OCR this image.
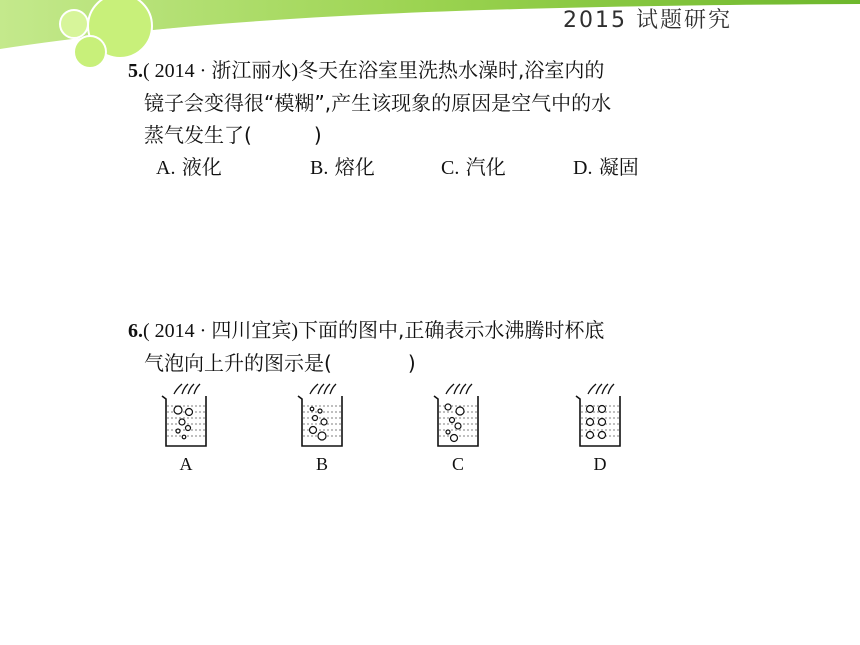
2015 试题研究
5.( 2014 · 浙江丽水)冬天在浴室里洗热水澡时,浴室内的
镜子会变得很“模糊”,产生该现象的原因是空气中的水
蒸气发生了(	)
A. 液化	B. 熔化	C. 汽化	D. 凝固
6.( 2014 · 四川宜宾)下面的图中,正确表示水沸腾时杯底
气泡向上升的图示是(	)
A	B	C	D
